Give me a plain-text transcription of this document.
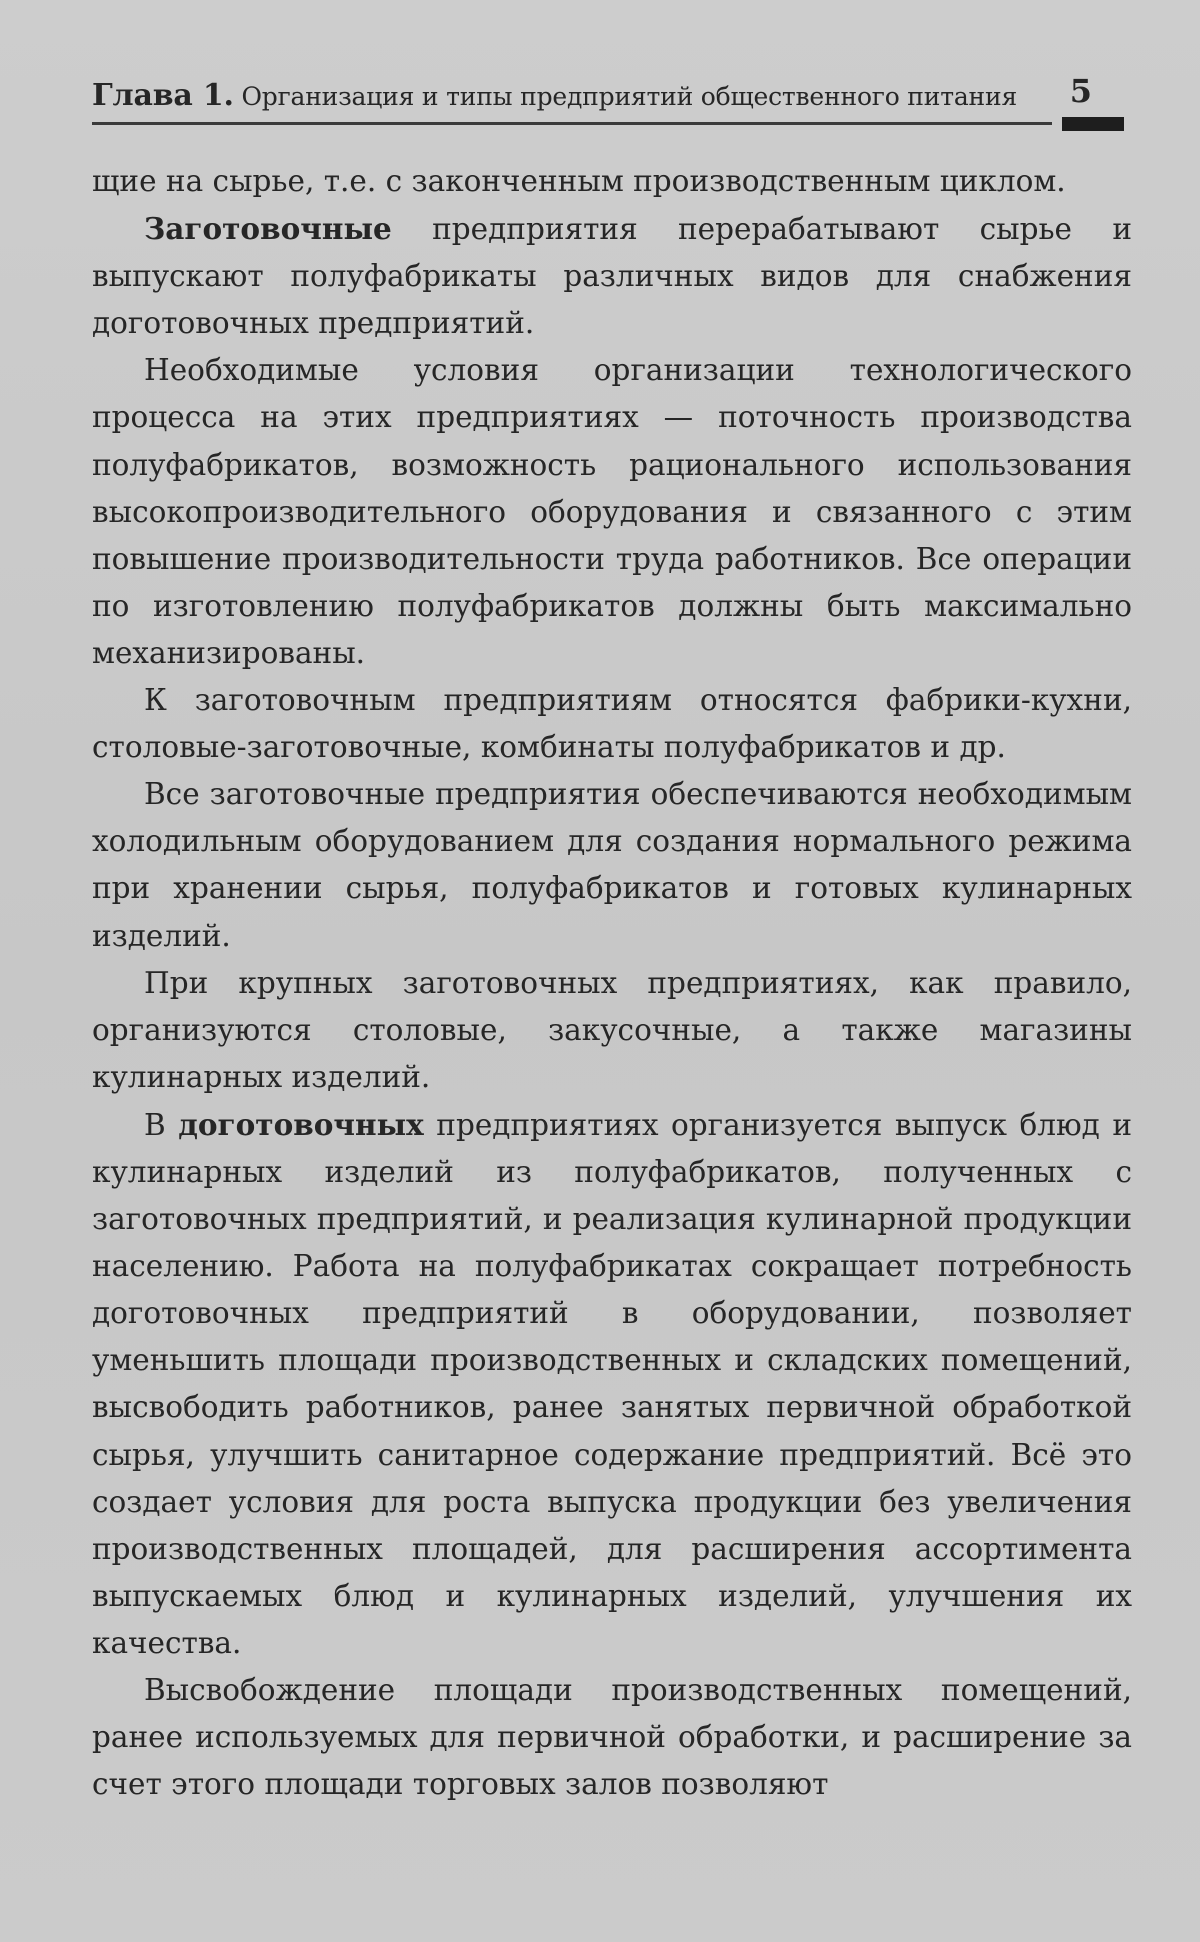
Глава 1. Организация и типы предприятий общественного питания 5

щие на сырье, т.е. с законченным производственным циклом.

Заготовочные предприятия перерабатывают сырье и выпускают полуфабрикаты различных видов для снабжения доготовочных предприятий.

Необходимые условия организации технологического процесса на этих предприятиях — поточность производства полуфабрикатов, возможность рационального использования высокопроизводительного оборудования и связанного с этим повышение производительности труда работников. Все операции по изготовлению полуфабрикатов должны быть максимально механизированы.

К заготовочным предприятиям относятся фабрики-кухни, столовые-заготовочные, комбинаты полуфабрикатов и др.

Все заготовочные предприятия обеспечиваются необходимым холодильным оборудованием для создания нормального режима при хранении сырья, полуфабрикатов и готовых кулинарных изделий.

При крупных заготовочных предприятиях, как правило, организуются столовые, закусочные, а также магазины кулинарных изделий.

В доготовочных предприятиях организуется выпуск блюд и кулинарных изделий из полуфабрикатов, полученных с заготовочных предприятий, и реализация кулинарной продукции населению. Работа на полуфабрикатах сокращает потребность доготовочных предприятий в оборудовании, позволяет уменьшить площади производственных и складских помещений, высвободить работников, ранее занятых первичной обработкой сырья, улучшить санитарное содержание предприятий. Всё это создает условия для роста выпуска продукции без увеличения производственных площадей, для расширения ассортимента выпускаемых блюд и кулинарных изделий, улучшения их качества.

Высвобождение площади производственных помещений, ранее используемых для первичной обработки, и расширение за счет этого площади торговых залов позволяют
